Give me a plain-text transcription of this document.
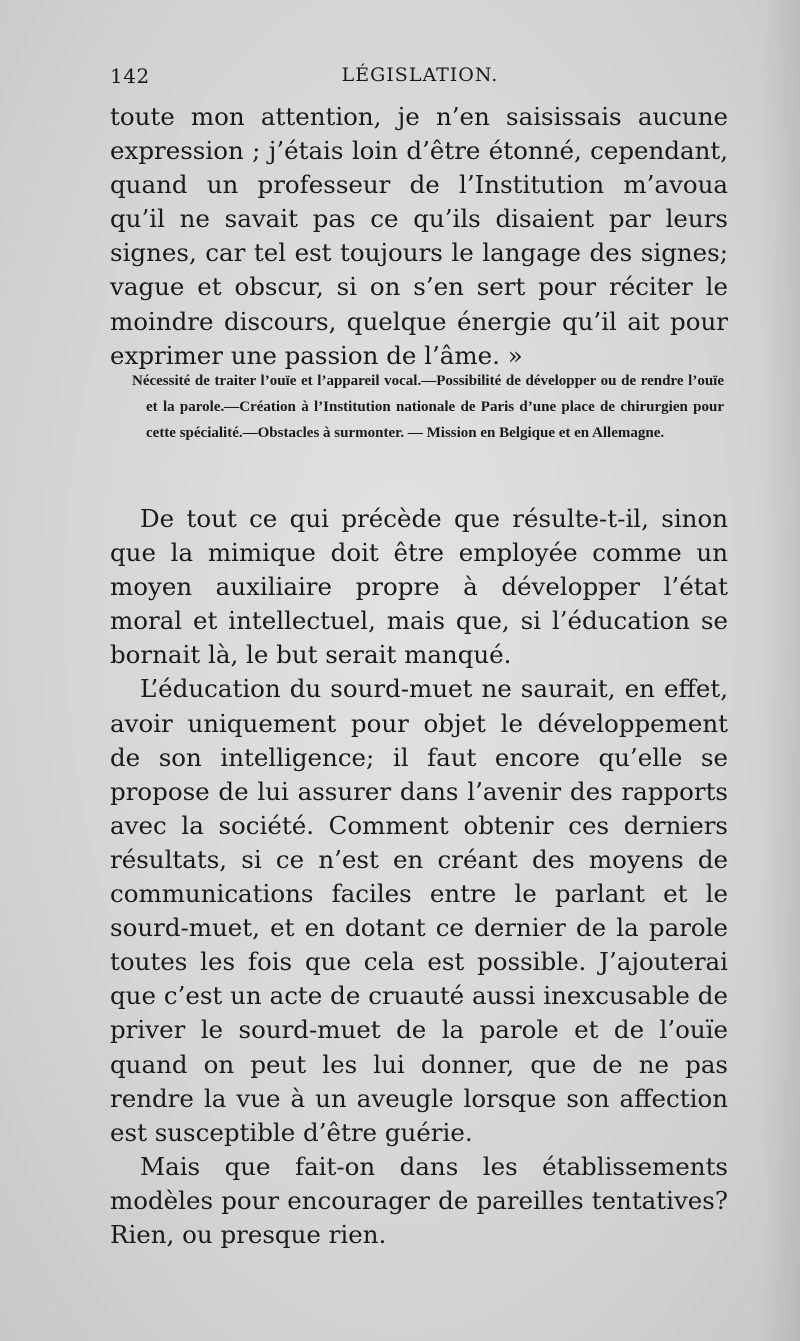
142	LÉGISLATION.

toute mon attention, je n’en saisissais aucune expression ; j’étais loin d’être étonné, cependant, quand un professeur de l’Institution m’avoua qu’il ne savait pas ce qu’ils disaient par leurs signes, car tel est toujours le langage des signes; vague et obscur, si on s’en sert pour réciter le moindre discours, quelque énergie qu’il ait pour exprimer une passion de l’âme. »

Nécessité de traiter l’ouïe et l’appareil vocal.—Possibilité de développer ou de rendre l’ouïe et la parole.—Création à l’Institution nationale de Paris d’une place de chirurgien pour cette spécialité.—Obstacles à surmonter. — Mission en Belgique et en Allemagne.

De tout ce qui précède que résulte-t-il, sinon que la mimique doit être employée comme un moyen auxiliaire propre à développer l’état moral et intellectuel, mais que, si l’éducation se bornait là, le but serait manqué.

L’éducation du sourd-muet ne saurait, en effet, avoir uniquement pour objet le développement de son intelligence; il faut encore qu’elle se propose de lui assurer dans l’avenir des rapports avec la société. Comment obtenir ces derniers résultats, si ce n’est en créant des moyens de communications faciles entre le parlant et le sourd-muet, et en dotant ce dernier de la parole toutes les fois que cela est possible. J’ajouterai que c’est un acte de cruauté aussi inexcusable de priver le sourd-muet de la parole et de l’ouïe quand on peut les lui donner, que de ne pas rendre la vue à un aveugle lorsque son affection est susceptible d’être guérie.

Mais que fait-on dans les établissements modèles pour encourager de pareilles tentatives? Rien, ou presque rien.
